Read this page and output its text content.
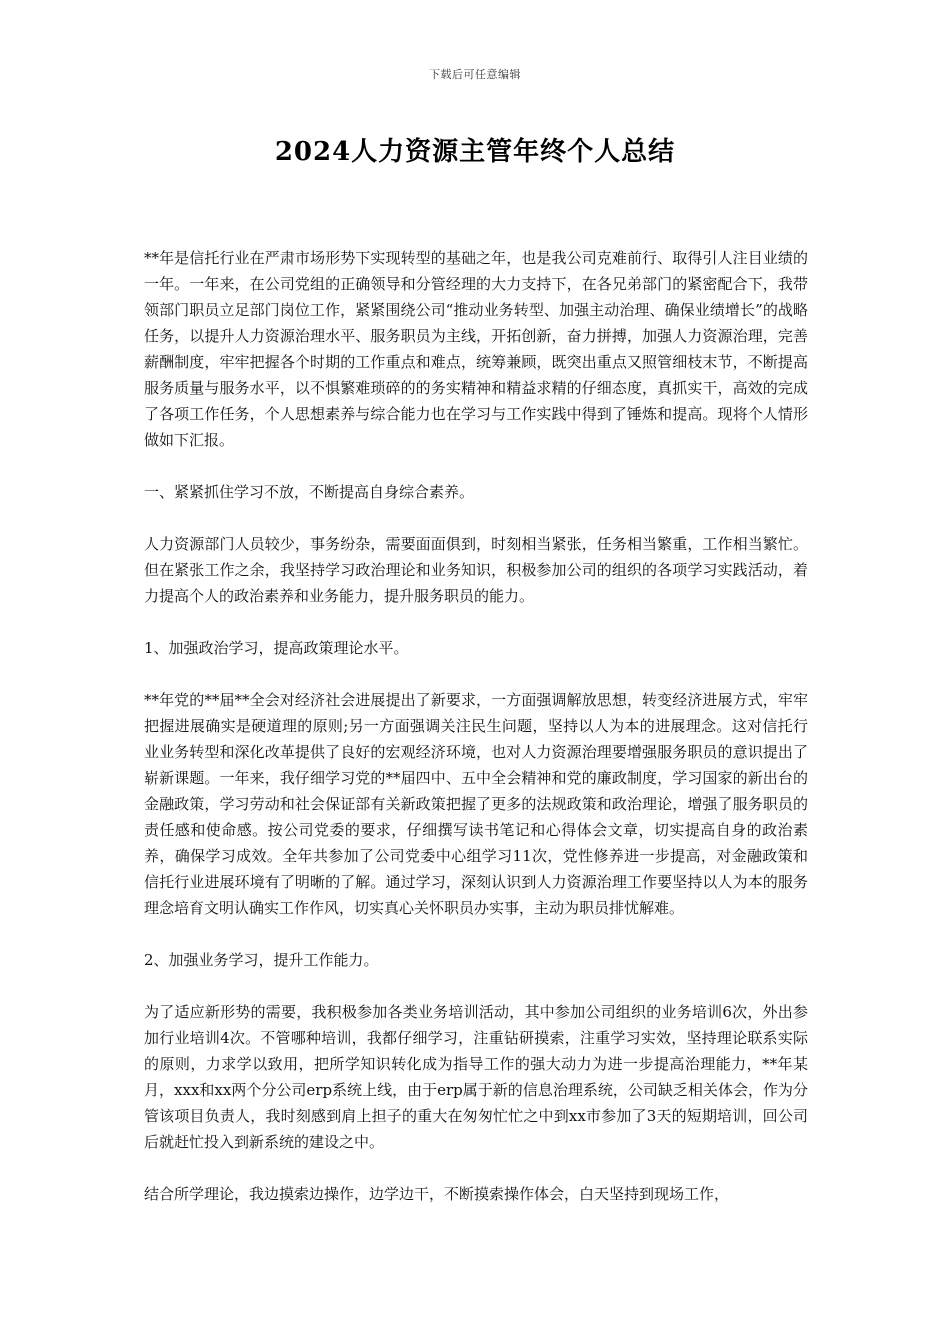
下载后可任意编辑
2024人力资源主管年终个人总结

**年是信托行业在严肃市场形势下实现转型的基础之年，也是我公司克难前行、取得引人注目业绩的一年。一年来，在公司党组的正确领导和分管经理的大力支持下，在各兄弟部门的紧密配合下，我带领部门职员立足部门岗位工作，紧紧围绕公司“推动业务转型、加强主动治理、确保业绩增长”的战略任务，以提升人力资源治理水平、服务职员为主线，开拓创新，奋力拼搏，加强人力资源治理，完善薪酬制度，牢牢把握各个时期的工作重点和难点，统筹兼顾，既突出重点又照管细枝末节，不断提高服务质量与服务水平，以不惧繁难琐碎的的务实精神和精益求精的仔细态度，真抓实干，高效的完成了各项工作任务，个人思想素养与综合能力也在学习与工作实践中得到了锤炼和提高。现将个人情形做如下汇报。

一、紧紧抓住学习不放，不断提高自身综合素养。

人力资源部门人员较少，事务纷杂，需要面面俱到，时刻相当紧张，任务相当繁重，工作相当繁忙。但在紧张工作之余，我坚持学习政治理论和业务知识，积极参加公司的组织的各项学习实践活动，着力提高个人的政治素养和业务能力，提升服务职员的能力。

1、加强政治学习，提高政策理论水平。

**年党的**届**全会对经济社会进展提出了新要求，一方面强调解放思想，转变经济进展方式，牢牢把握进展确实是硬道理的原则;另一方面强调关注民生问题，坚持以人为本的进展理念。这对信托行业业务转型和深化改革提供了良好的宏观经济环境，也对人力资源治理要增强服务职员的意识提出了崭新课题。一年来，我仔细学习党的**届四中、五中全会精神和党的廉政制度，学习国家的新出台的金融政策，学习劳动和社会保证部有关新政策把握了更多的法规政策和政治理论，增强了服务职员的责任感和使命感。按公司党委的要求，仔细撰写读书笔记和心得体会文章，切实提高自身的政治素养，确保学习成效。全年共参加了公司党委中心组学习11次，党性修养进一步提高，对金融政策和信托行业进展环境有了明晰的了解。通过学习，深刻认识到人力资源治理工作要坚持以人为本的服务理念培育文明认确实工作作风，切实真心关怀职员办实事，主动为职员排忧解难。

2、加强业务学习，提升工作能力。

为了适应新形势的需要，我积极参加各类业务培训活动，其中参加公司组织的业务培训6次，外出参加行业培训4次。不管哪种培训，我都仔细学习，注重钻研摸索，注重学习实效，坚持理论联系实际的原则，力求学以致用，把所学知识转化成为指导工作的强大动力为进一步提高治理能力，**年某月，xxx和xx两个分公司erp系统上线，由于erp属于新的信息治理系统，公司缺乏相关体会，作为分管该项目负责人，我时刻感到肩上担子的重大在匆匆忙忙之中到xx市参加了3天的短期培训，回公司后就赶忙投入到新系统的建设之中。

结合所学理论，我边摸索边操作，边学边干，不断摸索操作体会，白天坚持到现场工作，
